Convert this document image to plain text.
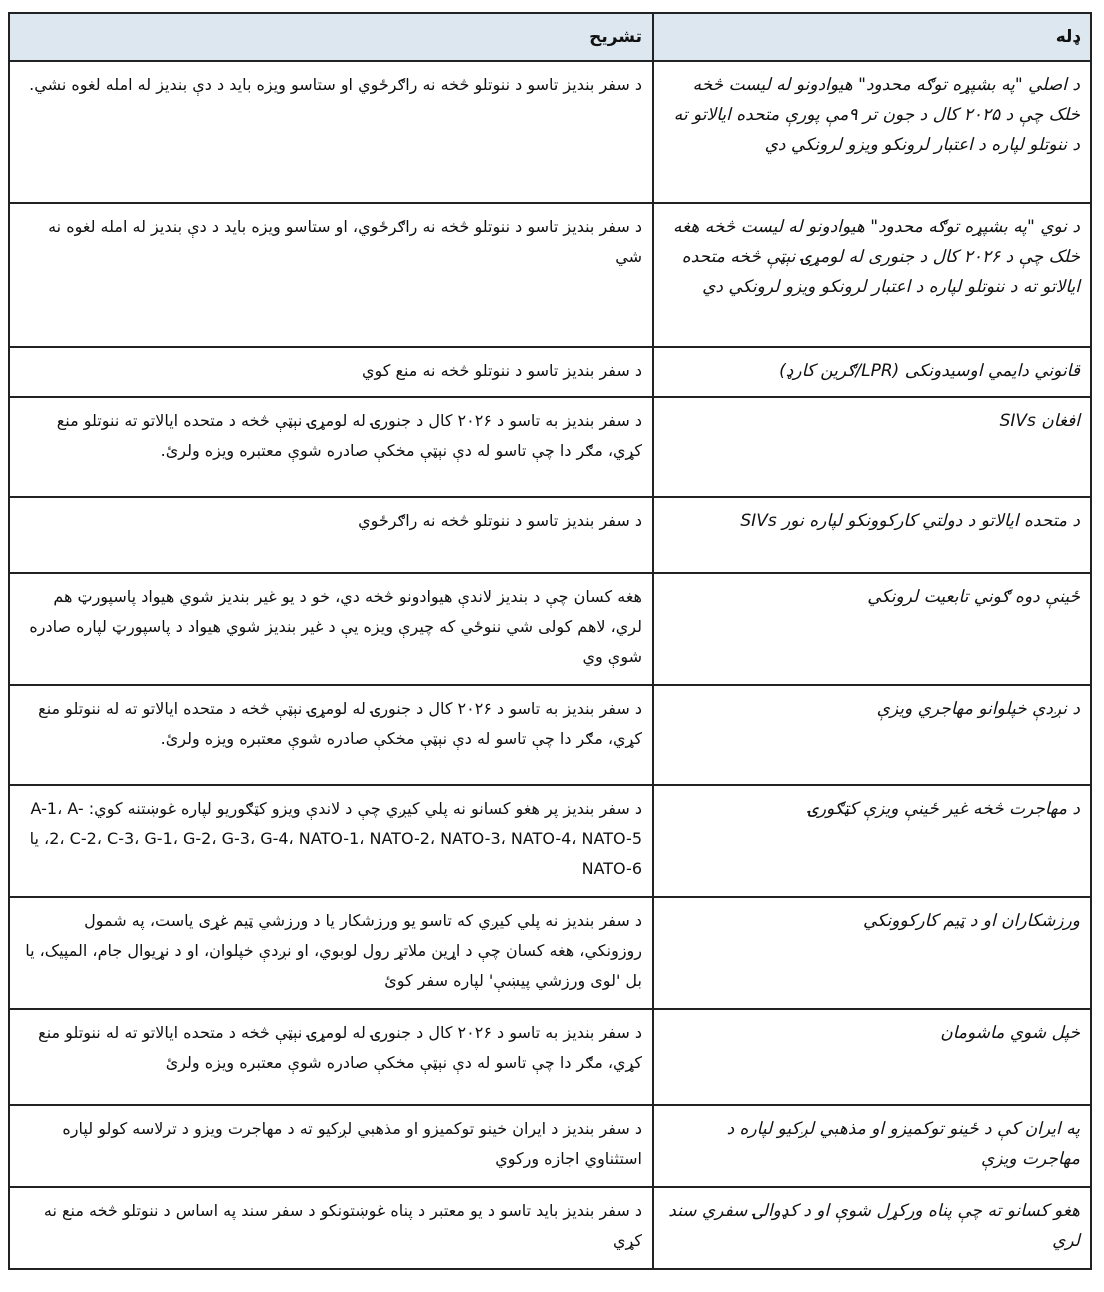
ډله	تشریح
د اصلي "په بشپړه توګه محدود" هیوادونو له لیست څخه خلک چې د ۲۰۲۵ کال د جون تر ۹مې پورې متحده ایالاتو ته د ننوتلو لپاره د اعتبار لرونکو ویزو لرونکي دي	د سفر بندیز تاسو د ننوتلو څخه نه راګرځوي او ستاسو ویزه باید د دې بندیز له امله لغوه نشي.
د نوي "په بشپړه توګه محدود" هیوادونو له لیست څخه هغه خلک چې د ۲۰۲۶ کال د جنوری له لومړۍ نېټې څخه متحده ایالاتو ته د ننوتلو لپاره د اعتبار لرونکو ویزو لرونکي دي	د سفر بندیز تاسو د ننوتلو څخه نه راګرځوي، او ستاسو ویزه باید د دې بندیز له امله لغوه نه شي
قانوني دايمي اوسيدونکی (LPR/ګرين کارډ)	د سفر بندیز تاسو د ننوتلو څخه نه منع کوي
افغان SIVs	د سفر بندیز به تاسو د ۲۰۲۶ کال د جنورۍ له لومړۍ نېټې څخه د متحده ایالاتو ته ننوتلو منع کړي، مګر دا چې تاسو له دې نېټې مخکې صادره شوې معتبره ویزه ولرئ.
د متحده ایالاتو د دولتي کارکوونکو لپاره نور SIVs	د سفر بندیز تاسو د ننوتلو څخه نه راګرځوي
ځینې دوه ګوني تابعیت لرونکي	هغه کسان چې د بندیز لاندې هیوادونو څخه دي، خو د یو غیر بندیز شوي هیواد پاسپورټ هم لري، لاهم کولی شي ننوځي که چیرې ویزه یې د غیر بندیز شوي هیواد د پاسپورټ لپاره صادره شوې وي
د نږدې خپلوانو مهاجري ویزې	د سفر بندیز به تاسو د ۲۰۲۶ کال د جنورۍ له لومړۍ نېټې څخه د متحده ایالاتو ته له ننوتلو منع کړي، مګر دا چې تاسو له دې نېټې مخکې صادره شوې معتبره ویزه ولرئ.
د مهاجرت څخه غیر ځینې ویزې کټګورۍ	د سفر بندیز پر هغو کسانو نه پلي کیږي چې د لاندې ویزو کټګوریو لپاره غوښتنه کوي: A-1، A-2، C-2، C-3، G-1، G-2، G-3، G-4، NATO-1، NATO-2، NATO-3، NATO-4، NATO-5، یا NATO-6
ورزشکاران او د ټیم کارکوونکي	د سفر بندیز نه پلي کیږي که تاسو یو ورزشکار یا د ورزشي ټیم غړی یاست، په شمول روزونکي، هغه کسان چې د اړین ملاتړ رول لوبوي، او نږدې خپلوان، او د نړیوال جام، المپیک، یا بل 'لوی ورزشي پیښې' لپاره سفر کوئ
خپل شوي ماشومان	د سفر بندیز به تاسو د ۲۰۲۶ کال د جنورۍ له لومړۍ نېټې څخه د متحده ایالاتو ته له ننوتلو منع کړي، مګر دا چې تاسو له دې نېټې مخکې صادره شوې معتبره ویزه ولرئ
په ایران کې د ځینو توکمیزو او مذهبي لږکیو لپاره د مهاجرت ویزې	د سفر بندیز د ایران خینو توکمیزو او مذهبي لږکیو ته د مهاجرت ویزو د ترلاسه کولو لپاره استثناوي اجازه ورکوي
هغو کسانو ته چې پناه ورکړل شوې او د کډوالۍ سفري سند لري	د سفر بندیز باید تاسو د یو معتبر د پناه غوښتونکو د سفر سند په اساس د ننوتلو څخه منع نه کړي
